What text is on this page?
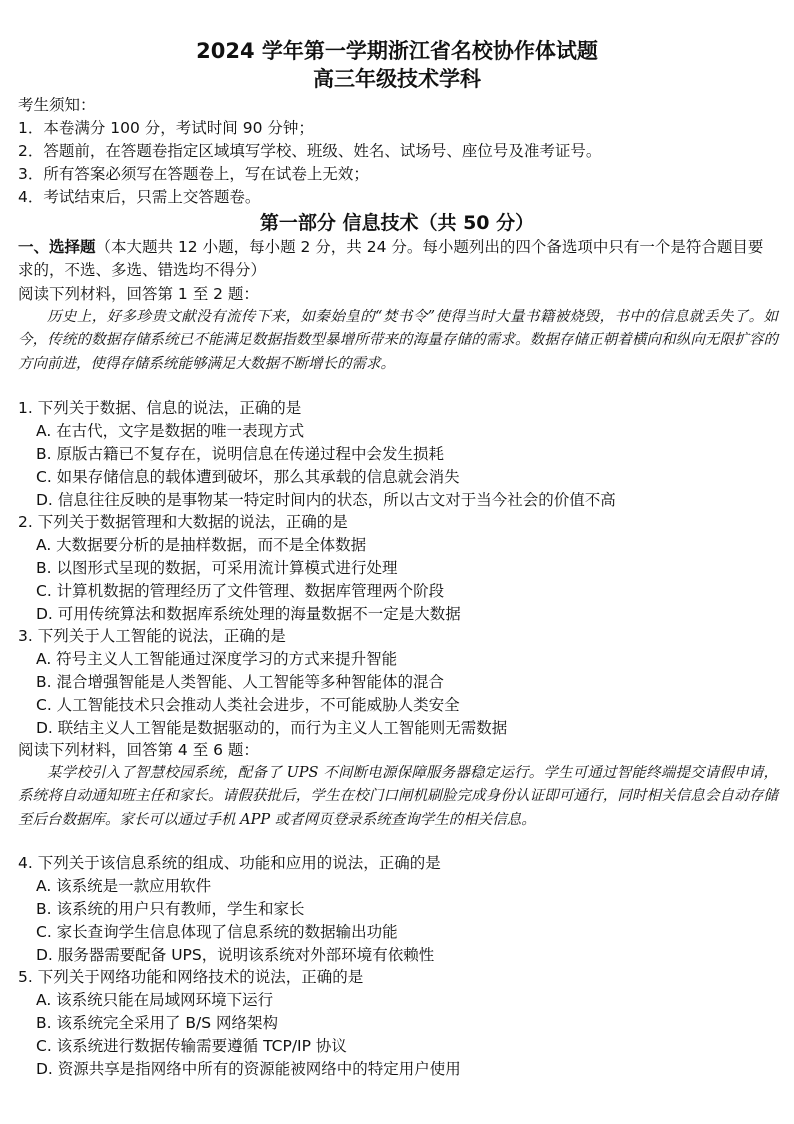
2024 学年第一学期浙江省名校协作体试题
高三年级技术学科
考生须知：
1．本卷满分 100 分，考试时间 90 分钟；
2．答题前，在答题卷指定区域填写学校、班级、姓名、试场号、座位号及准考证号。
3．所有答案必须写在答题卷上，写在试卷上无效；
4．考试结束后，只需上交答题卷。
第一部分 信息技术（共 50 分）
一、选择题（本大题共 12 小题，每小题 2 分，共 24 分。每小题列出的四个备选项中只有一个是符合题目要求的，不选、多选、错选均不得分）
阅读下列材料，回答第 1 至 2 题：
历史上，好多珍贵文献没有流传下来，如秦始皇的“焚书令”使得当时大量书籍被烧毁，书中的信息就丢失了。如今，传统的数据存储系统已不能满足数据指数型暴增所带来的海量存储的需求。数据存储正朝着横向和纵向无限扩容的方向前进，使得存储系统能够满足大数据不断增长的需求。
1. 下列关于数据、信息的说法，正确的是
A. 在古代，文字是数据的唯一表现方式
B. 原版古籍已不复存在，说明信息在传递过程中会发生损耗
C. 如果存储信息的载体遭到破坏，那么其承载的信息就会消失
D. 信息往往反映的是事物某一特定时间内的状态，所以古文对于当今社会的价值不高
2. 下列关于数据管理和大数据的说法，正确的是
A. 大数据要分析的是抽样数据，而不是全体数据
B. 以图形式呈现的数据，可采用流计算模式进行处理
C. 计算机数据的管理经历了文件管理、数据库管理两个阶段
D. 可用传统算法和数据库系统处理的海量数据不一定是大数据
3. 下列关于人工智能的说法，正确的是
A. 符号主义人工智能通过深度学习的方式来提升智能
B. 混合增强智能是人类智能、人工智能等多种智能体的混合
C. 人工智能技术只会推动人类社会进步，不可能威胁人类安全
D. 联结主义人工智能是数据驱动的，而行为主义人工智能则无需数据
阅读下列材料，回答第 4 至 6 题：
某学校引入了智慧校园系统，配备了 UPS 不间断电源保障服务器稳定运行。学生可通过智能终端提交请假申请，系统将自动通知班主任和家长。请假获批后，学生在校门口闸机刷脸完成身份认证即可通行，同时相关信息会自动存储至后台数据库。家长可以通过手机 APP 或者网页登录系统查询学生的相关信息。
4. 下列关于该信息系统的组成、功能和应用的说法，正确的是
A. 该系统是一款应用软件
B. 该系统的用户只有教师，学生和家长
C. 家长查询学生信息体现了信息系统的数据输出功能
D. 服务器需要配备 UPS，说明该系统对外部环境有依赖性
5. 下列关于网络功能和网络技术的说法，正确的是
A. 该系统只能在局域网环境下运行
B. 该系统完全采用了 B/S 网络架构
C. 该系统进行数据传输需要遵循 TCP/IP 协议
D. 资源共享是指网络中所有的资源能被网络中的特定用户使用
